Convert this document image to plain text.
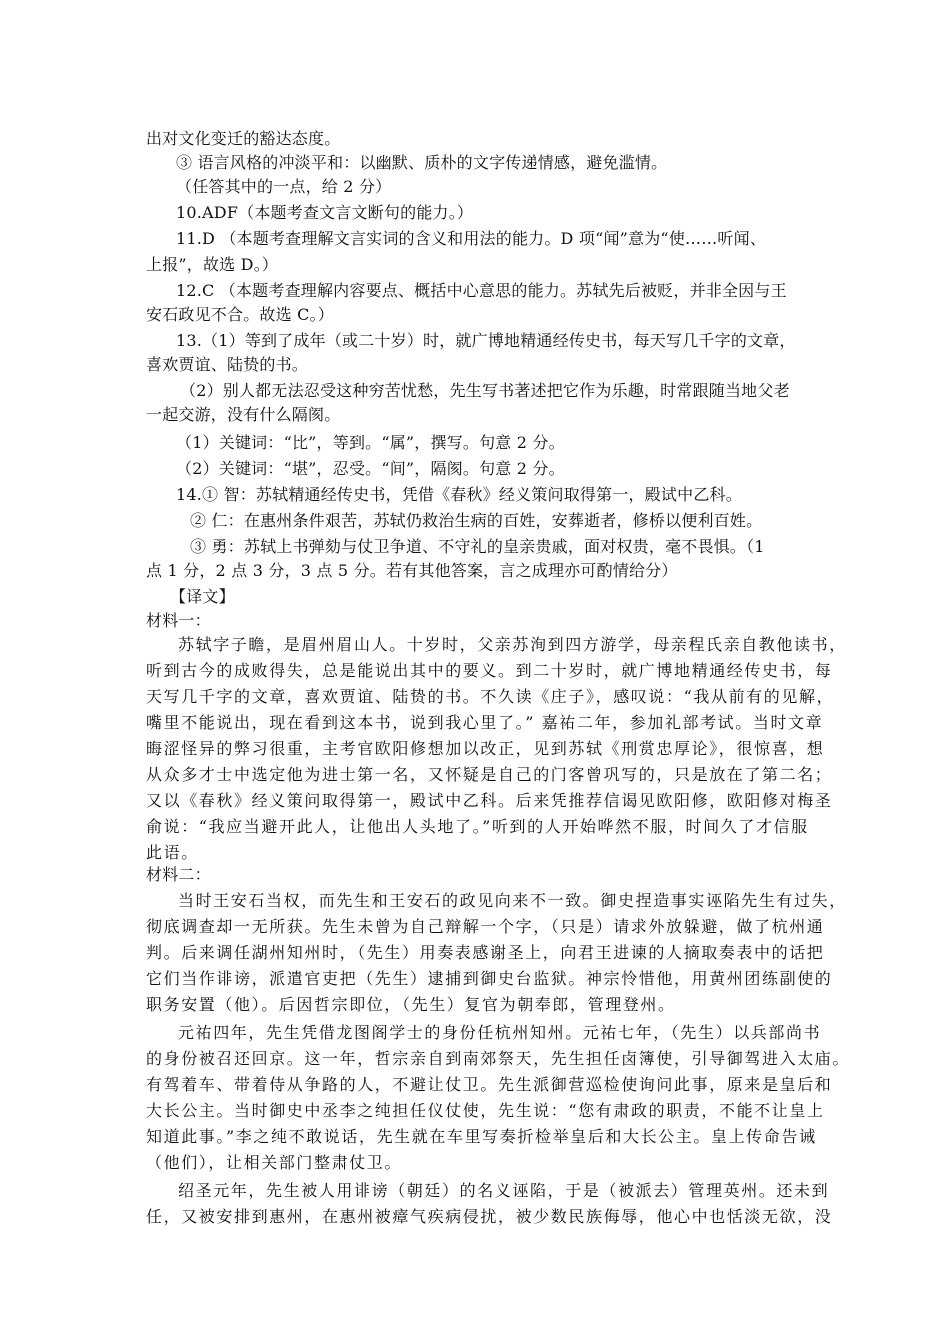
出对文化变迁的豁达态度。
③ 语言风格的冲淡平和：以幽默、质朴的文字传递情感，避免滥情。
（任答其中的一点，给 2 分）
10.ADF（本题考查文言文断句的能力。）
11.D （本题考查理解文言实词的含义和用法的能力。D 项“闻”意为“使……听闻、
上报”，故选 D。）
12.C （本题考查理解内容要点、概括中心意思的能力。苏轼先后被贬，并非全因与王
安石政见不合。故选 C。）
13.（1）等到了成年（或二十岁）时，就广博地精通经传史书，每天写几千字的文章，
喜欢贾谊、陆贽的书。
（2）别人都无法忍受这种穷苦忧愁，先生写书著述把它作为乐趣，时常跟随当地父老
一起交游，没有什么隔阂。
（1）关键词：“比”，等到。“属”，撰写。句意 2 分。
（2）关键词：“堪”，忍受。“间”，隔阂。句意 2 分。
14.① 智：苏轼精通经传史书，凭借《春秋》经义策问取得第一，殿试中乙科。
② 仁：在惠州条件艰苦，苏轼仍救治生病的百姓，安葬逝者，修桥以便利百姓。
③ 勇：苏轼上书弹劾与仗卫争道、不守礼的皇亲贵戚，面对权贵，毫不畏惧。（1
点 1 分，2 点 3 分，3 点 5 分。若有其他答案，言之成理亦可酌情给分）
【译文】
材料一：
苏轼字子瞻，是眉州眉山人。十岁时，父亲苏洵到四方游学，母亲程氏亲自教他读书，
听到古今的成败得失，总是能说出其中的要义。到二十岁时，就广博地精通经传史书，每
天写几千字的文章，喜欢贾谊、陆贽的书。不久读《庄子》，感叹说：“我从前有的见解，
嘴里不能说出，现在看到这本书，说到我心里了。” 嘉祐二年，参加礼部考试。当时文章
晦涩怪异的弊习很重，主考官欧阳修想加以改正，见到苏轼《刑赏忠厚论》，很惊喜，想
从众多才士中选定他为进士第一名，又怀疑是自己的门客曾巩写的，只是放在了第二名；
又以《春秋》经义策问取得第一，殿试中乙科。后来凭推荐信谒见欧阳修，欧阳修对梅圣
俞说：“我应当避开此人，让他出人头地了。”听到的人开始哗然不服，时间久了才信服
此语。
材料二：
当时王安石当权，而先生和王安石的政见向来不一致。御史捏造事实诬陷先生有过失，
彻底调查却一无所获。先生未曾为自己辩解一个字，（只是）请求外放躲避，做了杭州通
判。后来调任湖州知州时，（先生）用奏表感谢圣上，向君王进谏的人摘取奏表中的话把
它们当作诽谤，派遣官吏把（先生）逮捕到御史台监狱。神宗怜惜他，用黄州团练副使的
职务安置（他）。后因哲宗即位，（先生）复官为朝奉郎，管理登州。
元祐四年，先生凭借龙图阁学士的身份任杭州知州。元祐七年，（先生）以兵部尚书
的身份被召还回京。这一年，哲宗亲自到南郊祭天，先生担任卤簿使，引导御驾进入太庙。
有驾着车、带着侍从争路的人，不避让仗卫。先生派御营巡检使询问此事，原来是皇后和
大长公主。当时御史中丞李之纯担任仪仗使，先生说：“您有肃政的职责，不能不让皇上
知道此事。”李之纯不敢说话，先生就在车里写奏折检举皇后和大长公主。皇上传命告诫
（他们），让相关部门整肃仗卫。
绍圣元年，先生被人用诽谤（朝廷）的名义诬陷，于是（被派去）管理英州。还未到
任，又被安排到惠州，在惠州被瘴气疾病侵扰，被少数民族侮辱，他心中也恬淡无欲，没
